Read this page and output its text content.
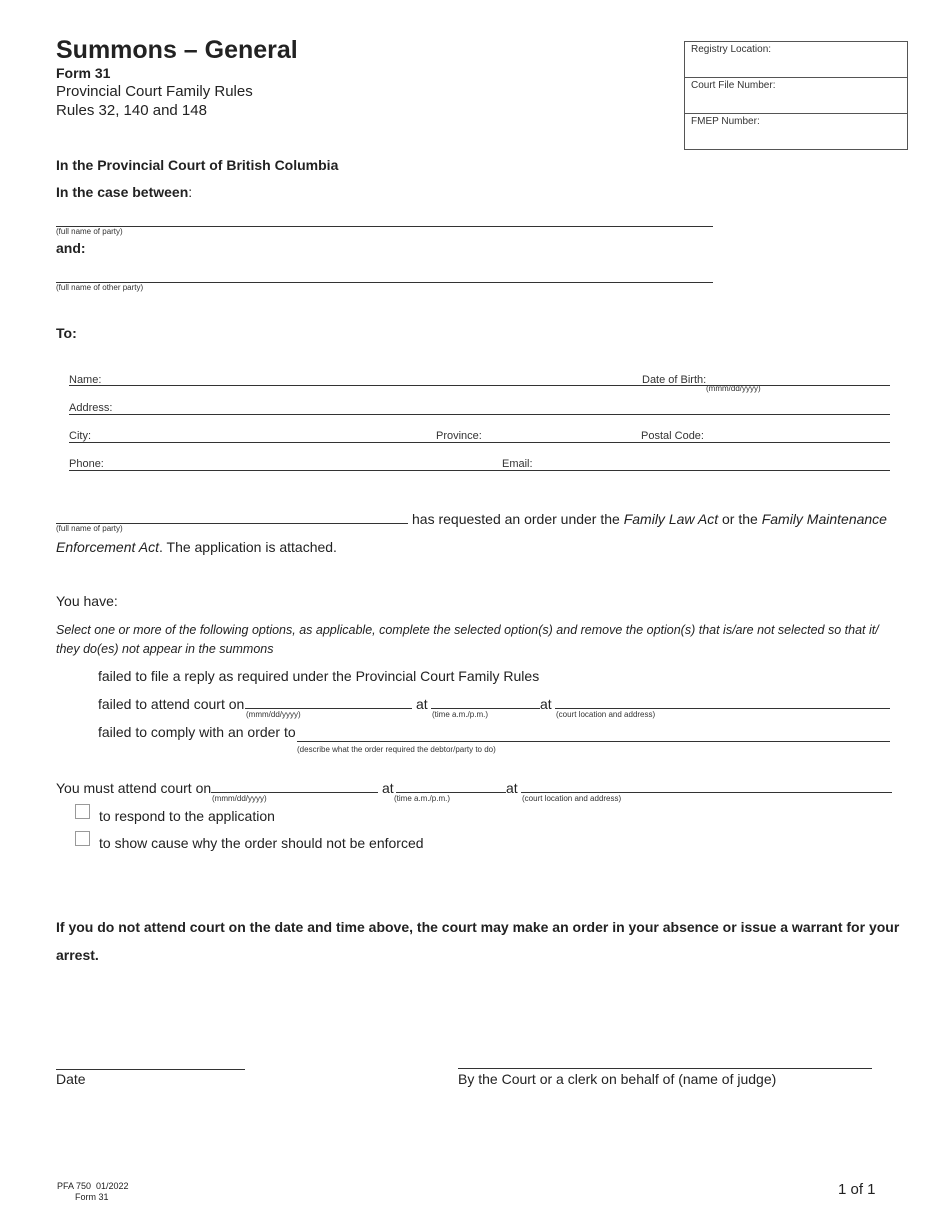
Summons – General
Form 31
Provincial Court Family Rules
Rules 32, 140 and 148
Registry Location:
Court File Number:
FMEP Number:
In the Provincial Court of British Columbia
In the case between:
(full name of party)
and:
(full name of other party)
To:
Name:	Date of Birth:
(mmm/dd/yyyy)
Address:
City:	Province:	Postal Code:
Phone:	Email:
(full name of party)
has requested an order under the Family Law Act or the Family Maintenance
Enforcement Act. The application is attached.
You have:
Select one or more of the following options, as applicable, complete the selected option(s) and remove the option(s) that is/are not selected so that it/ they do(es) not appear in the summons
failed to file a reply as required under the Provincial Court Family Rules
failed to attend court on
(mmm/dd/yyyy)
at
(time a.m./p.m.)
at
(court location and address)
failed to comply with an order to
(describe what the order required the debtor/party to do)
You must attend court on
(mmm/dd/yyyy)
at
(time a.m./p.m.)
at
(court location and address)
to respond to the application
to show cause why the order should not be enforced
If you do not attend court on the date and time above, the court may make an order in your absence or issue a warrant for your arrest.
Date	By the Court or a clerk on behalf of (name of judge)
PFA 750  01/2022
Form 31	1 of 1
